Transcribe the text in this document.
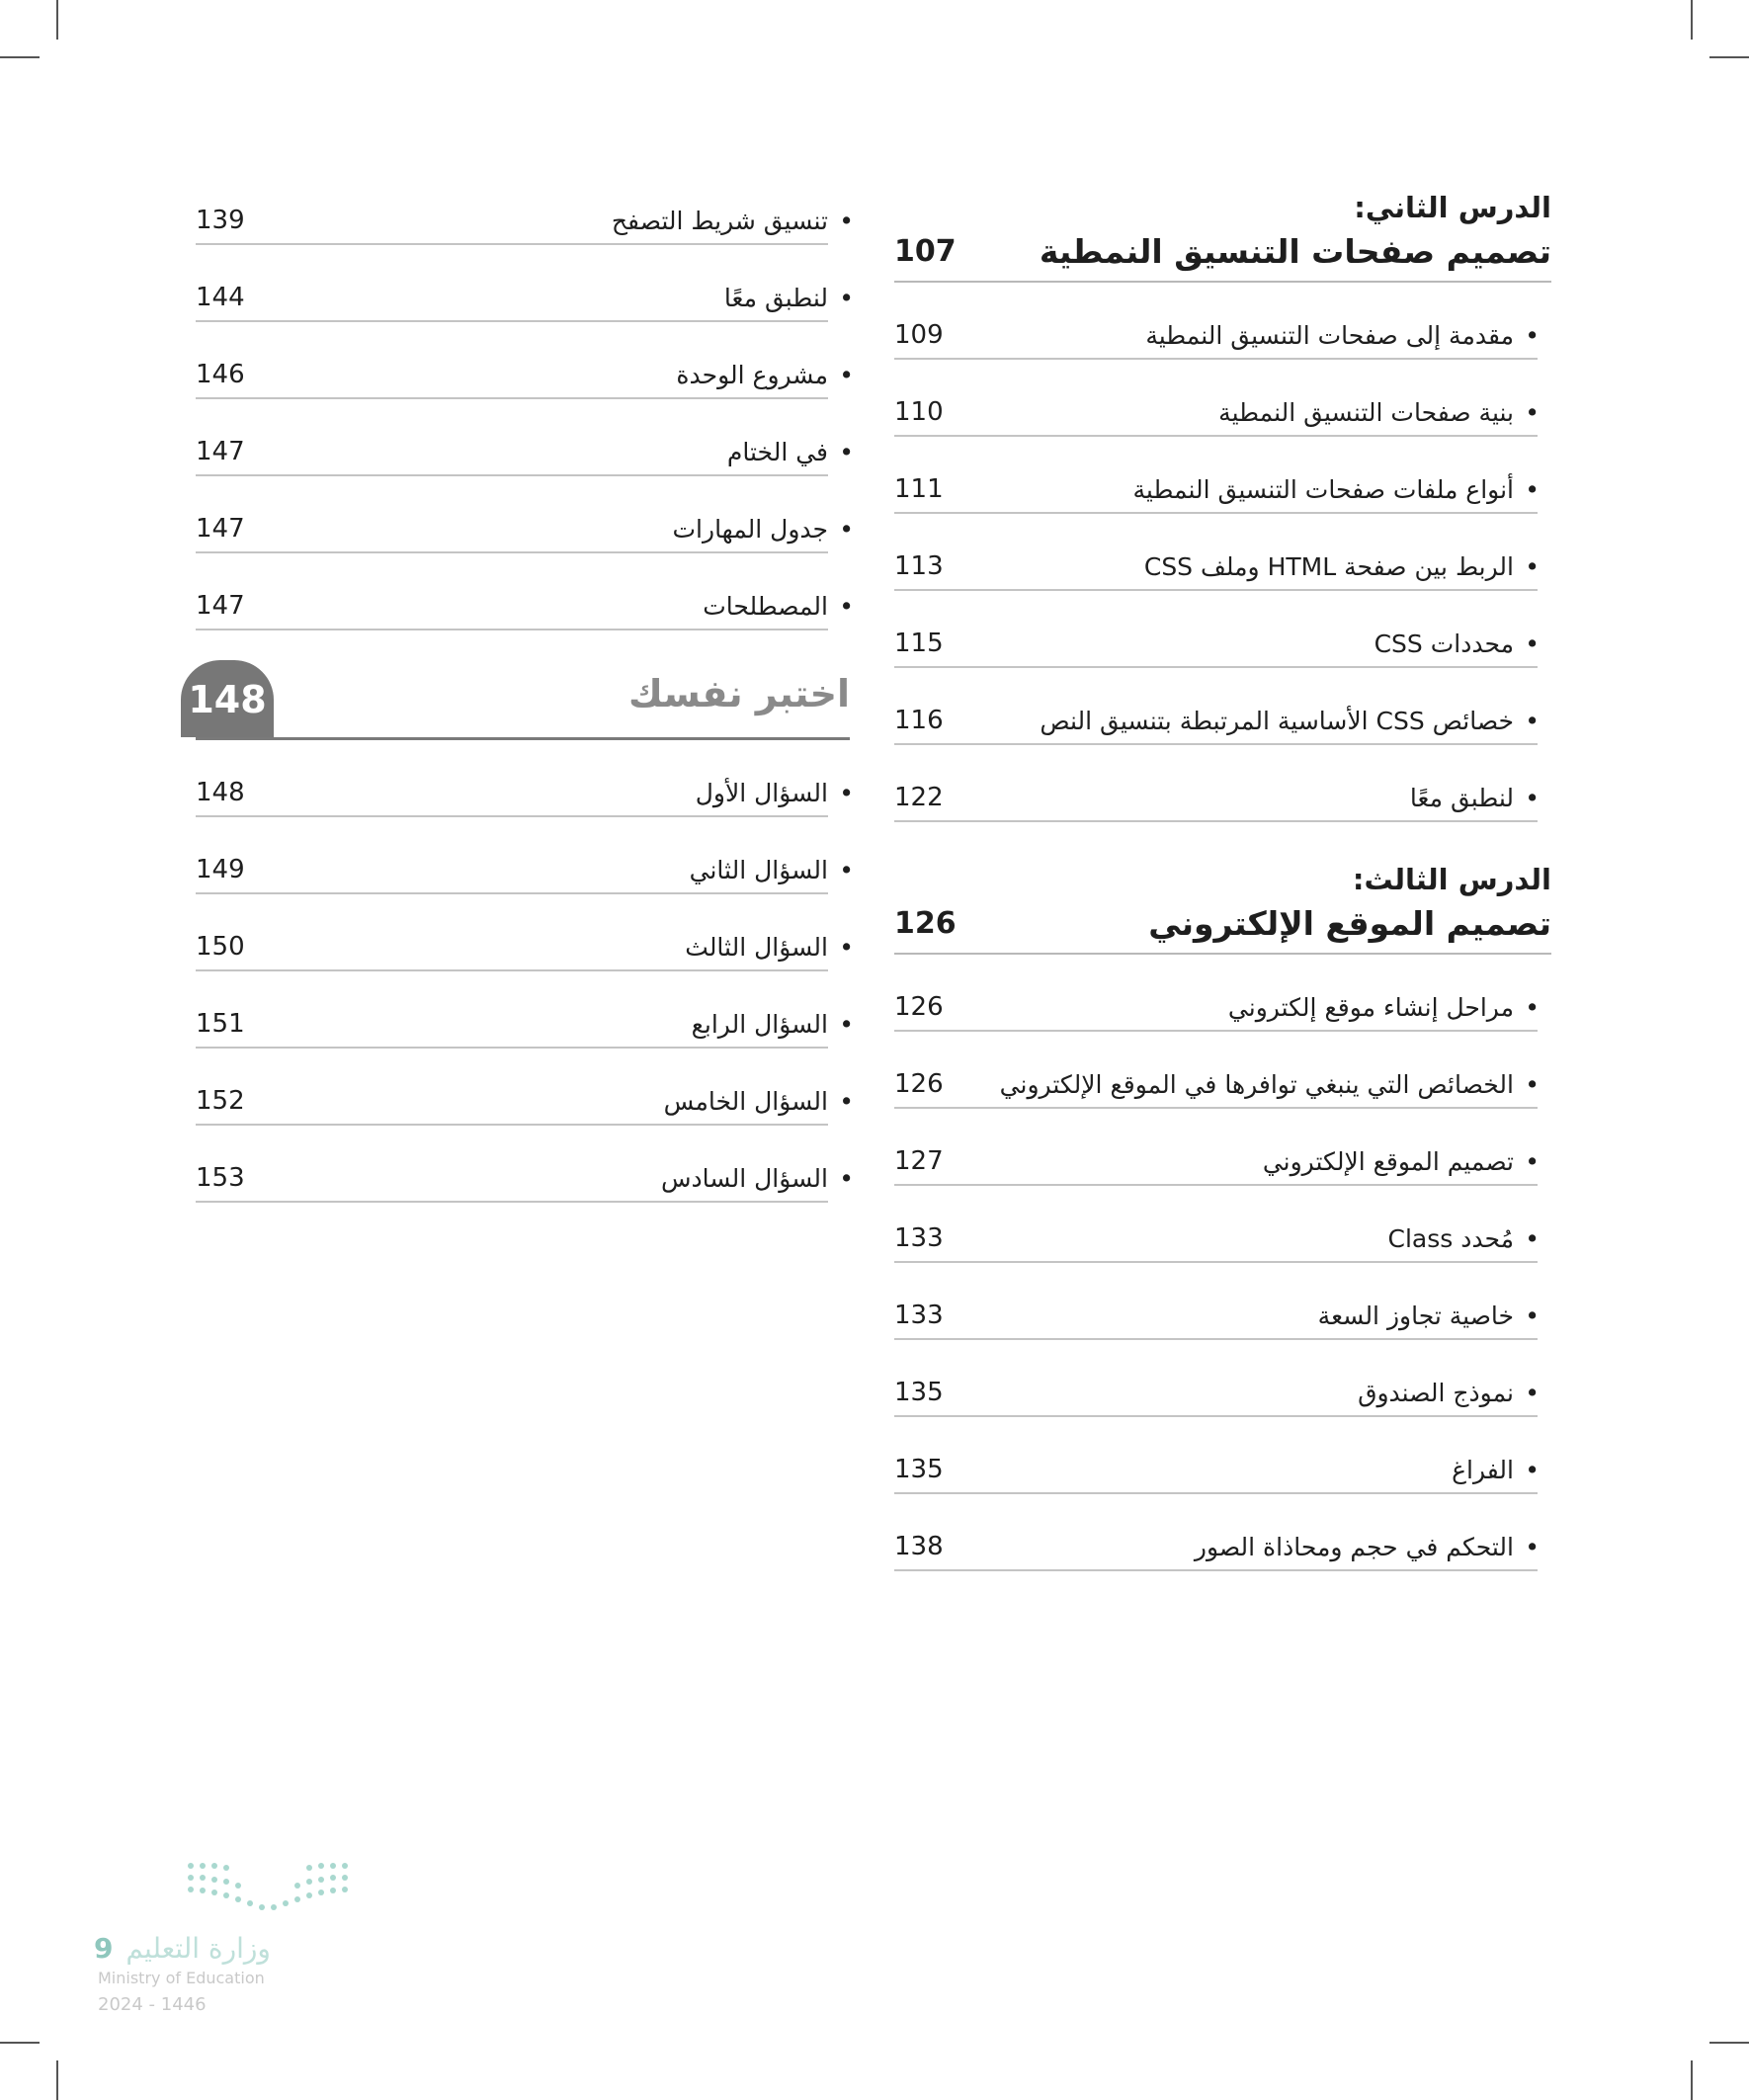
الدرس الثاني:
تصميم صفحات التنسيق النمطية
107
• مقدمة إلى صفحات التنسيق النمطية
109
• بنية صفحات التنسيق النمطية
110
• أنواع ملفات صفحات التنسيق النمطية
111
• الربط بين صفحة HTML وملف CSS
113
• محددات CSS
115
• خصائص CSS الأساسية المرتبطة بتنسيق النص
116
• لنطبق معًا
122
الدرس الثالث:
تصميم الموقع الإلكتروني
126
• مراحل إنشاء موقع إلكتروني
126
• الخصائص التي ينبغي توافرها في الموقع الإلكتروني
126
• تصميم الموقع الإلكتروني
127
• مُحدد Class
133
• خاصية تجاوز السعة
133
• نموذج الصندوق
135
• الفراغ
135
• التحكم في حجم ومحاذاة الصور
138
• تنسيق شريط التصفح
139
• لنطبق معًا
144
• مشروع الوحدة
146
• في الختام
147
• جدول المهارات
147
• المصطلحات
147
اختبر نفسك
148
• السؤال الأول
148
• السؤال الثاني
149
• السؤال الثالث
150
• السؤال الرابع
151
• السؤال الخامس
152
• السؤال السادس
153
وزارة التعليم 9
Ministry of Education
2024 - 1446
